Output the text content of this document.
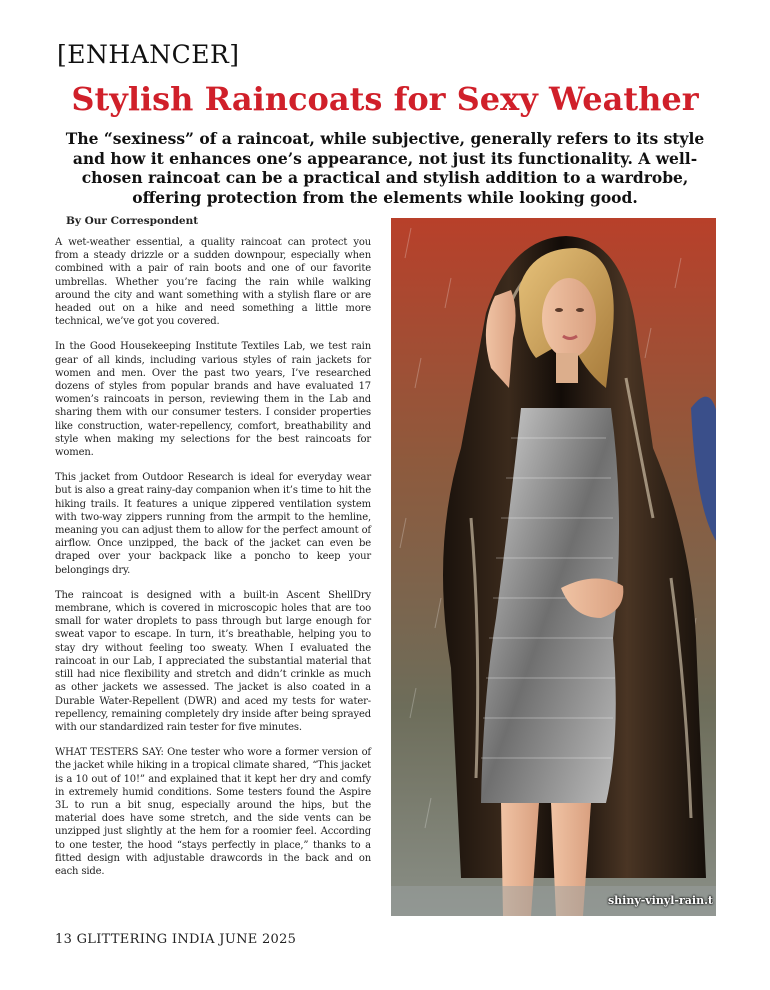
[ENHANCER]
Stylish Raincoats for Sexy Weather
The “sexiness” of a raincoat, while subjective, generally refers to its style and how it enhances one’s appearance, not just its functionality. A well-chosen raincoat can be a practical and stylish addition to a wardrobe, offering protection from the elements while looking good.
By Our Correspondent

A wet-weather essential, a quality raincoat can protect you from a steady drizzle or a sudden downpour, especially when combined with a pair of rain boots and one of our favorite umbrellas. Whether you’re facing the rain while walking around the city and want something with a stylish flare or are headed out on a hike and need something a little more technical, we’ve got you covered.

In the Good Housekeeping Institute Textiles Lab, we test rain gear of all kinds, including various styles of rain jackets for women and men. Over the past two years, I’ve researched dozens of styles from popular brands and have evaluated 17 women’s raincoats in person, reviewing them in the Lab and sharing them with our consumer testers. I consider properties like construction, water-repellency, comfort, breathability and style when making my selections for the best raincoats for women.

This jacket from Outdoor Research is ideal for everyday wear but is also a great rainy-day companion when it’s time to hit the hiking trails. It features a unique zippered ventilation system with two-way zippers running from the armpit to the hemline, meaning you can adjust them to allow for the perfect amount of airflow. Once unzipped, the back of the jacket can even be draped over your backpack like a poncho to keep your belongings dry.

The raincoat is designed with a built-in Ascent ShellDry membrane, which is covered in microscopic holes that are too small for water droplets to pass through but large enough for sweat vapor to escape. In turn, it’s breathable, helping you to stay dry without feeling too sweaty. When I evaluated the raincoat in our Lab, I appreciated the substantial material that still had nice flexibility and stretch and didn’t crinkle as much as other jackets we assessed. The jacket is also coated in a Durable Water-Repellent (DWR) and aced my tests for water-repellency, remaining completely dry inside after being sprayed with our standardized rain tester for five minutes.

WHAT TESTERS SAY: One tester who wore a former version of the jacket while hiking in a tropical climate shared, “This jacket is a 10 out of 10!” and explained that it kept her dry and comfy in extremely humid conditions. Some testers found the Aspire 3L to run a bit snug, especially around the hips, but the material does have some stretch, and the side vents can be unzipped just slightly at the hem for a roomier feel. According to one tester, the hood “stays perfectly in place,” thanks to a fitted design with adjustable drawcords in the back and on each side.

shiny-vinyl-rain.t
13 GLITTERING INDIA JUNE 2025
